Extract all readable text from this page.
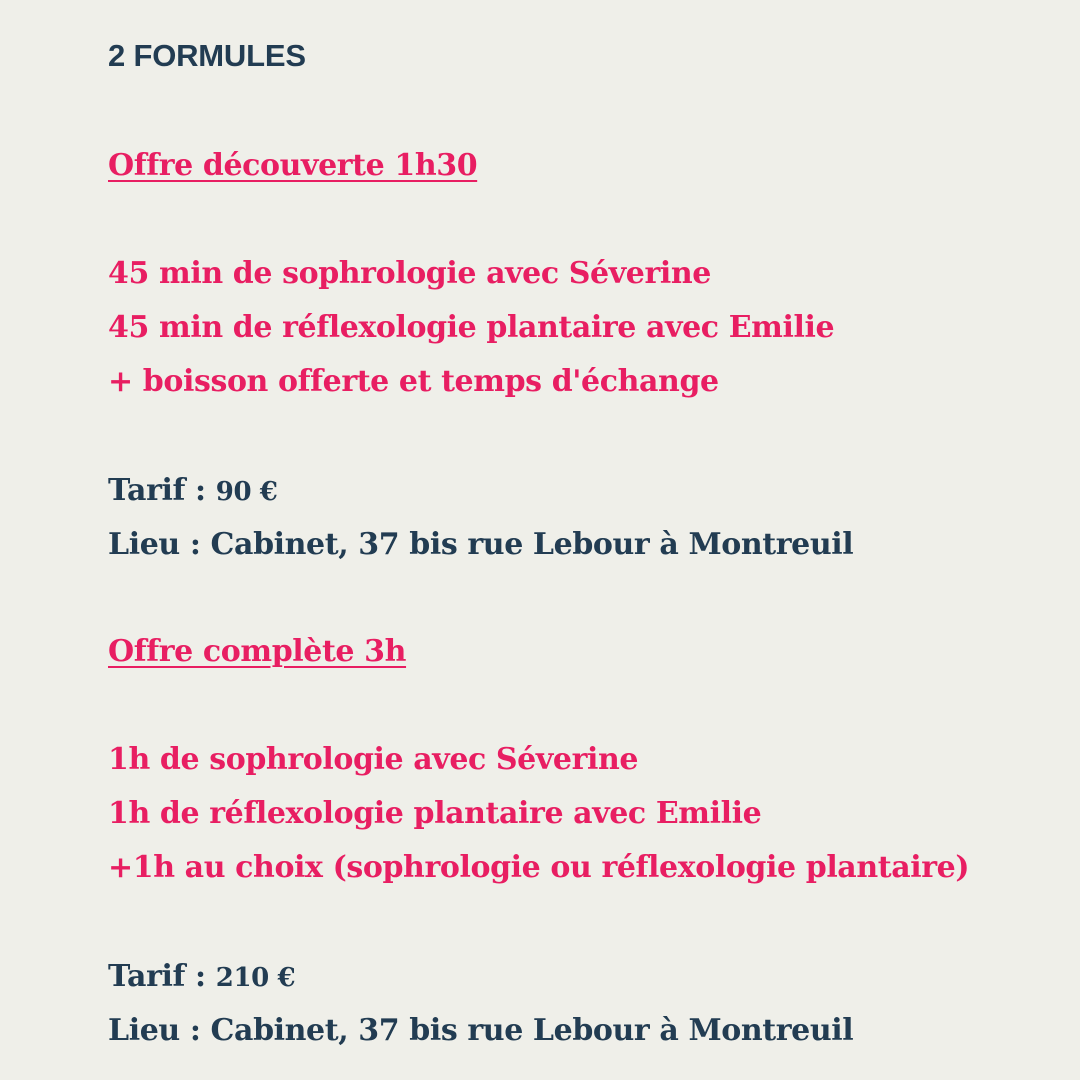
2 FORMULES

Offre découverte 1h30

45 min de sophrologie avec Séverine

45 min de réflexologie plantaire avec Emilie

+ boisson offerte et temps d'échange

Tarif : 90 €

Lieu : Cabinet, 37 bis rue Lebour à Montreuil

Offre complète 3h

1h de sophrologie avec Séverine

1h de réflexologie plantaire avec Emilie

+1h au choix (sophrologie ou réflexologie plantaire)

Tarif : 210 €

Lieu : Cabinet, 37 bis rue Lebour à Montreuil
